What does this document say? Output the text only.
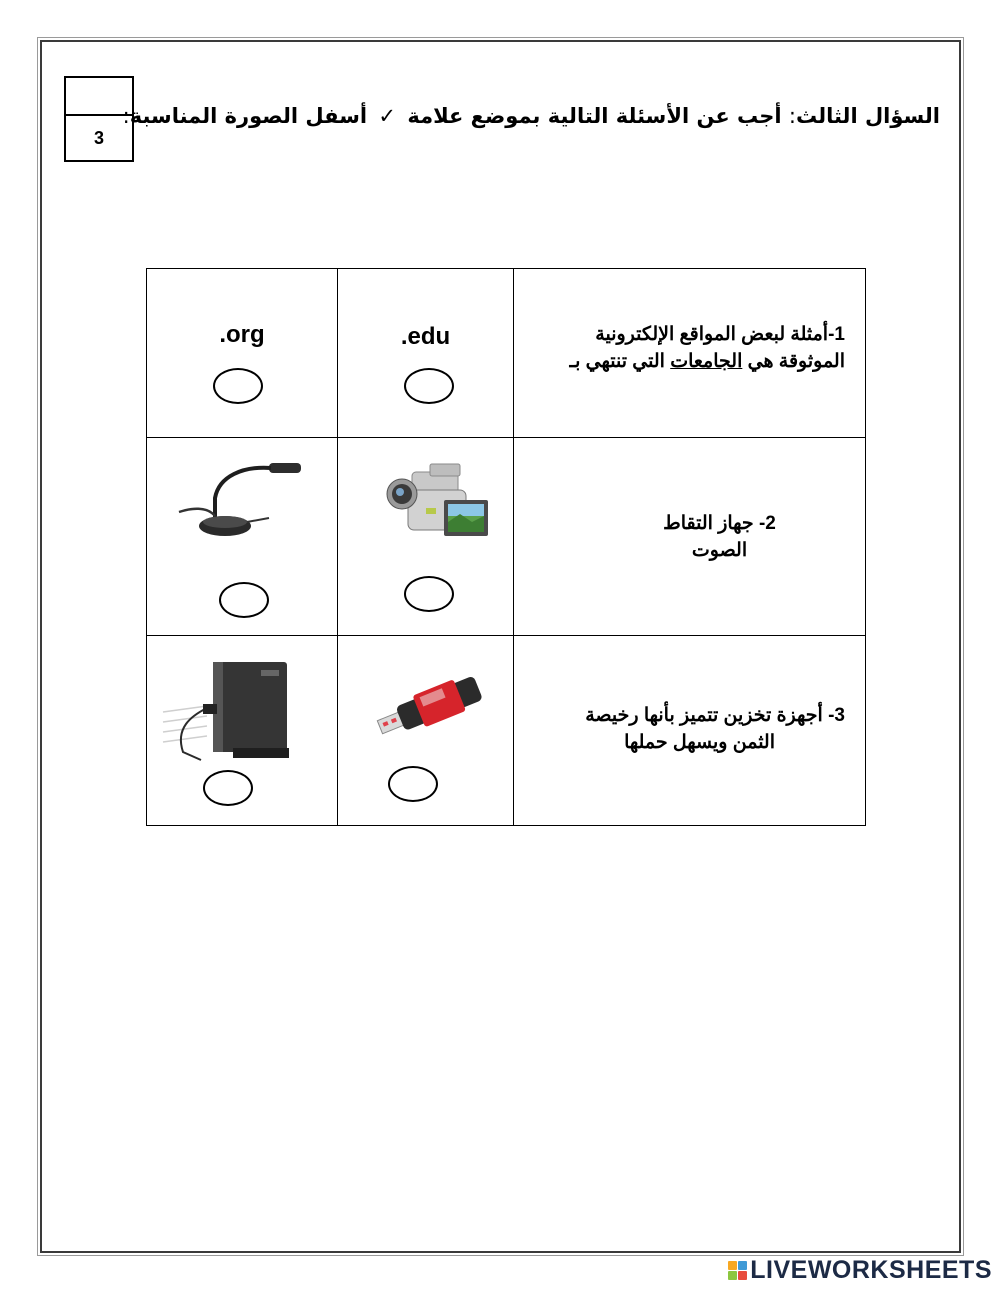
3
السؤال الثالث: أجب عن الأسئلة التالية بموضع علامة ✓ أسفل الصورة المناسبة:
.org	.edu	1-أمثلة لبعض المواقع الإلكترونية
الموثوقة هي الجامعات التي تنتهي بـ

2- جهاز التقاط
الصوت

3- أجهزة تخزين تتميز بأنها رخيصة
الثمن ويسهل حملها
LIVEWORKSHEETS
